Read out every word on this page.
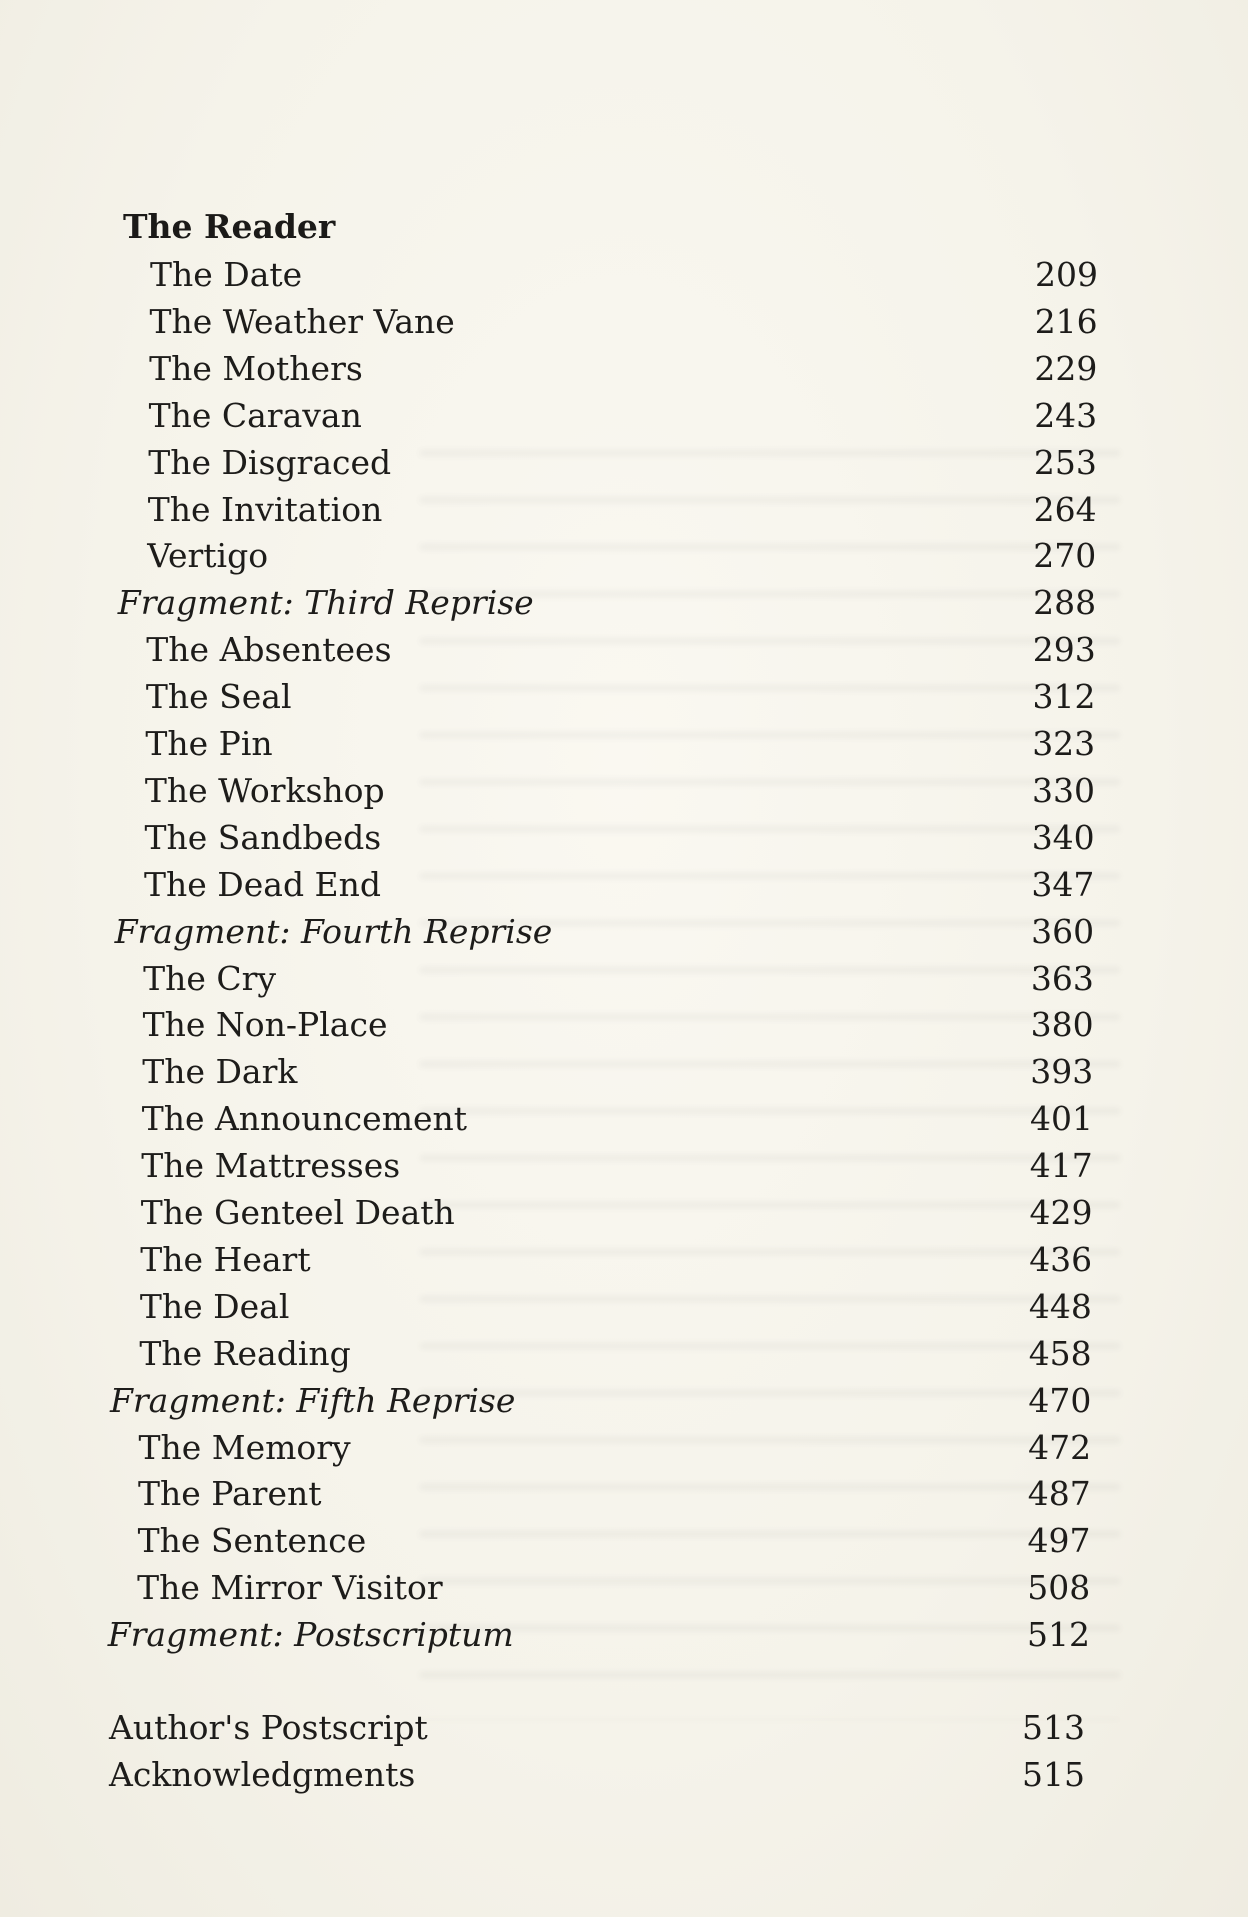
The Reader
The Date	209
The Weather Vane	216
The Mothers	229
The Caravan	243
The Disgraced	253
The Invitation	264
Vertigo	270
Fragment: Third Reprise	288
The Absentees	293
The Seal	312
The Pin	323
The Workshop	330
The Sandbeds	340
The Dead End	347
Fragment: Fourth Reprise	360
The Cry	363
The Non-Place	380
The Dark	393
The Announcement	401
The Mattresses	417
The Genteel Death	429
The Heart	436
The Deal	448
The Reading	458
Fragment: Fifth Reprise	470
The Memory	472
The Parent	487
The Sentence	497
The Mirror Visitor	508
Fragment: Postscriptum	512
Author's Postscript	513
Acknowledgments	515
